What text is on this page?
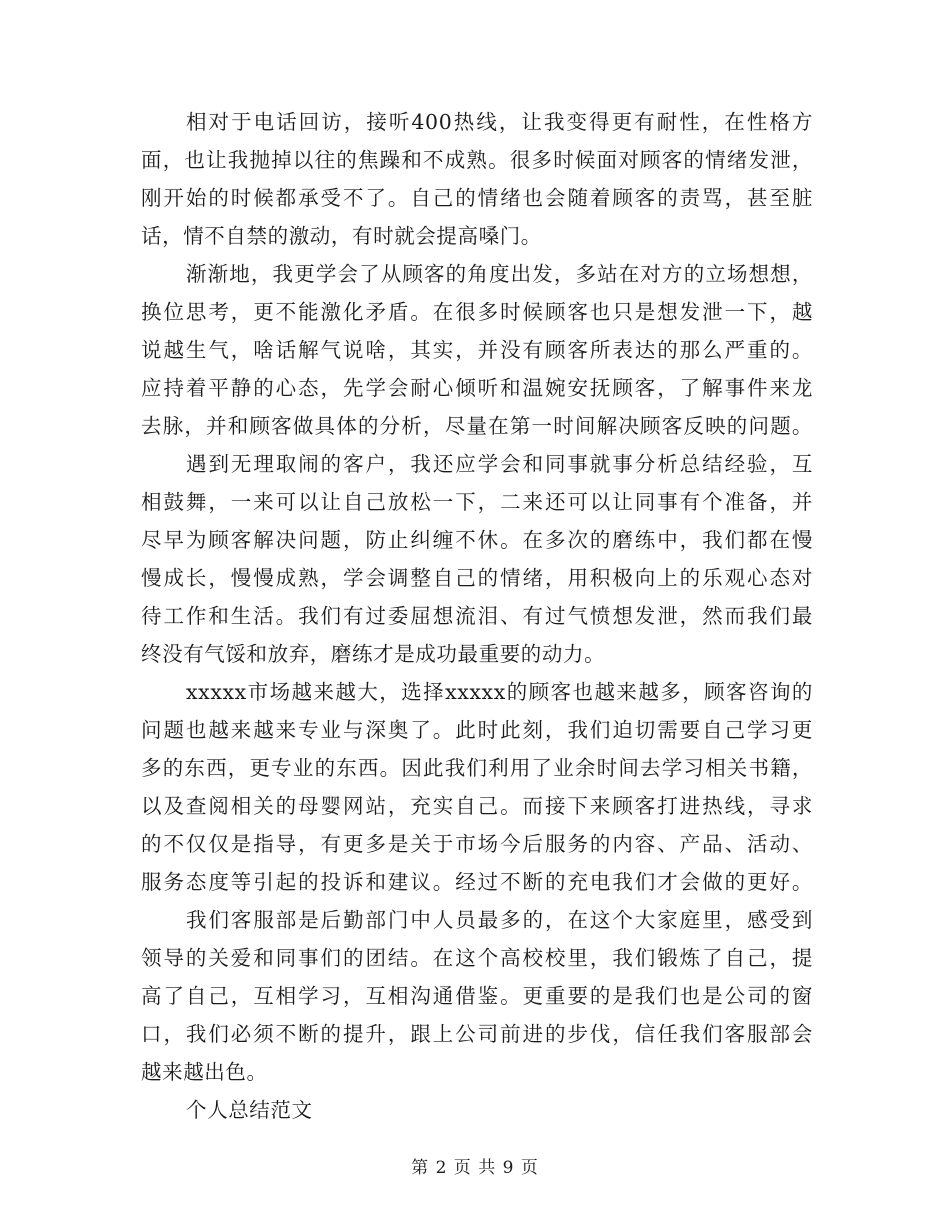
相对于电话回访，接听400热线，让我变得更有耐性，在性格方
面，也让我抛掉以往的焦躁和不成熟。很多时候面对顾客的情绪发泄，
刚开始的时候都承受不了。自己的情绪也会随着顾客的责骂，甚至脏
话，情不自禁的激动，有时就会提高嗓门。
渐渐地，我更学会了从顾客的角度出发，多站在对方的立场想想，
换位思考，更不能激化矛盾。在很多时候顾客也只是想发泄一下，越
说越生气，啥话解气说啥，其实，并没有顾客所表达的那么严重的。
应持着平静的心态，先学会耐心倾听和温婉安抚顾客，了解事件来龙
去脉，并和顾客做具体的分析，尽量在第一时间解决顾客反映的问题。
遇到无理取闹的客户，我还应学会和同事就事分析总结经验，互
相鼓舞，一来可以让自己放松一下，二来还可以让同事有个准备，并
尽早为顾客解决问题，防止纠缠不休。在多次的磨练中，我们都在慢
慢成长，慢慢成熟，学会调整自己的情绪，用积极向上的乐观心态对
待工作和生活。我们有过委屈想流泪、有过气愤想发泄，然而我们最
终没有气馁和放弃，磨练才是成功最重要的动力。
xxxxx市场越来越大，选择xxxxx的顾客也越来越多，顾客咨询的
问题也越来越来专业与深奥了。此时此刻，我们迫切需要自己学习更
多的东西，更专业的东西。因此我们利用了业余时间去学习相关书籍，
以及查阅相关的母婴网站，充实自己。而接下来顾客打进热线，寻求
的不仅仅是指导，有更多是关于市场今后服务的内容、产品、活动、
服务态度等引起的投诉和建议。经过不断的充电我们才会做的更好。
我们客服部是后勤部门中人员最多的，在这个大家庭里，感受到
领导的关爱和同事们的团结。在这个高校校里，我们锻炼了自己，提
高了自己，互相学习，互相沟通借鉴。更重要的是我们也是公司的窗
口，我们必须不断的提升，跟上公司前进的步伐，信任我们客服部会
越来越出色。
个人总结范文
第 2 页 共 9 页
